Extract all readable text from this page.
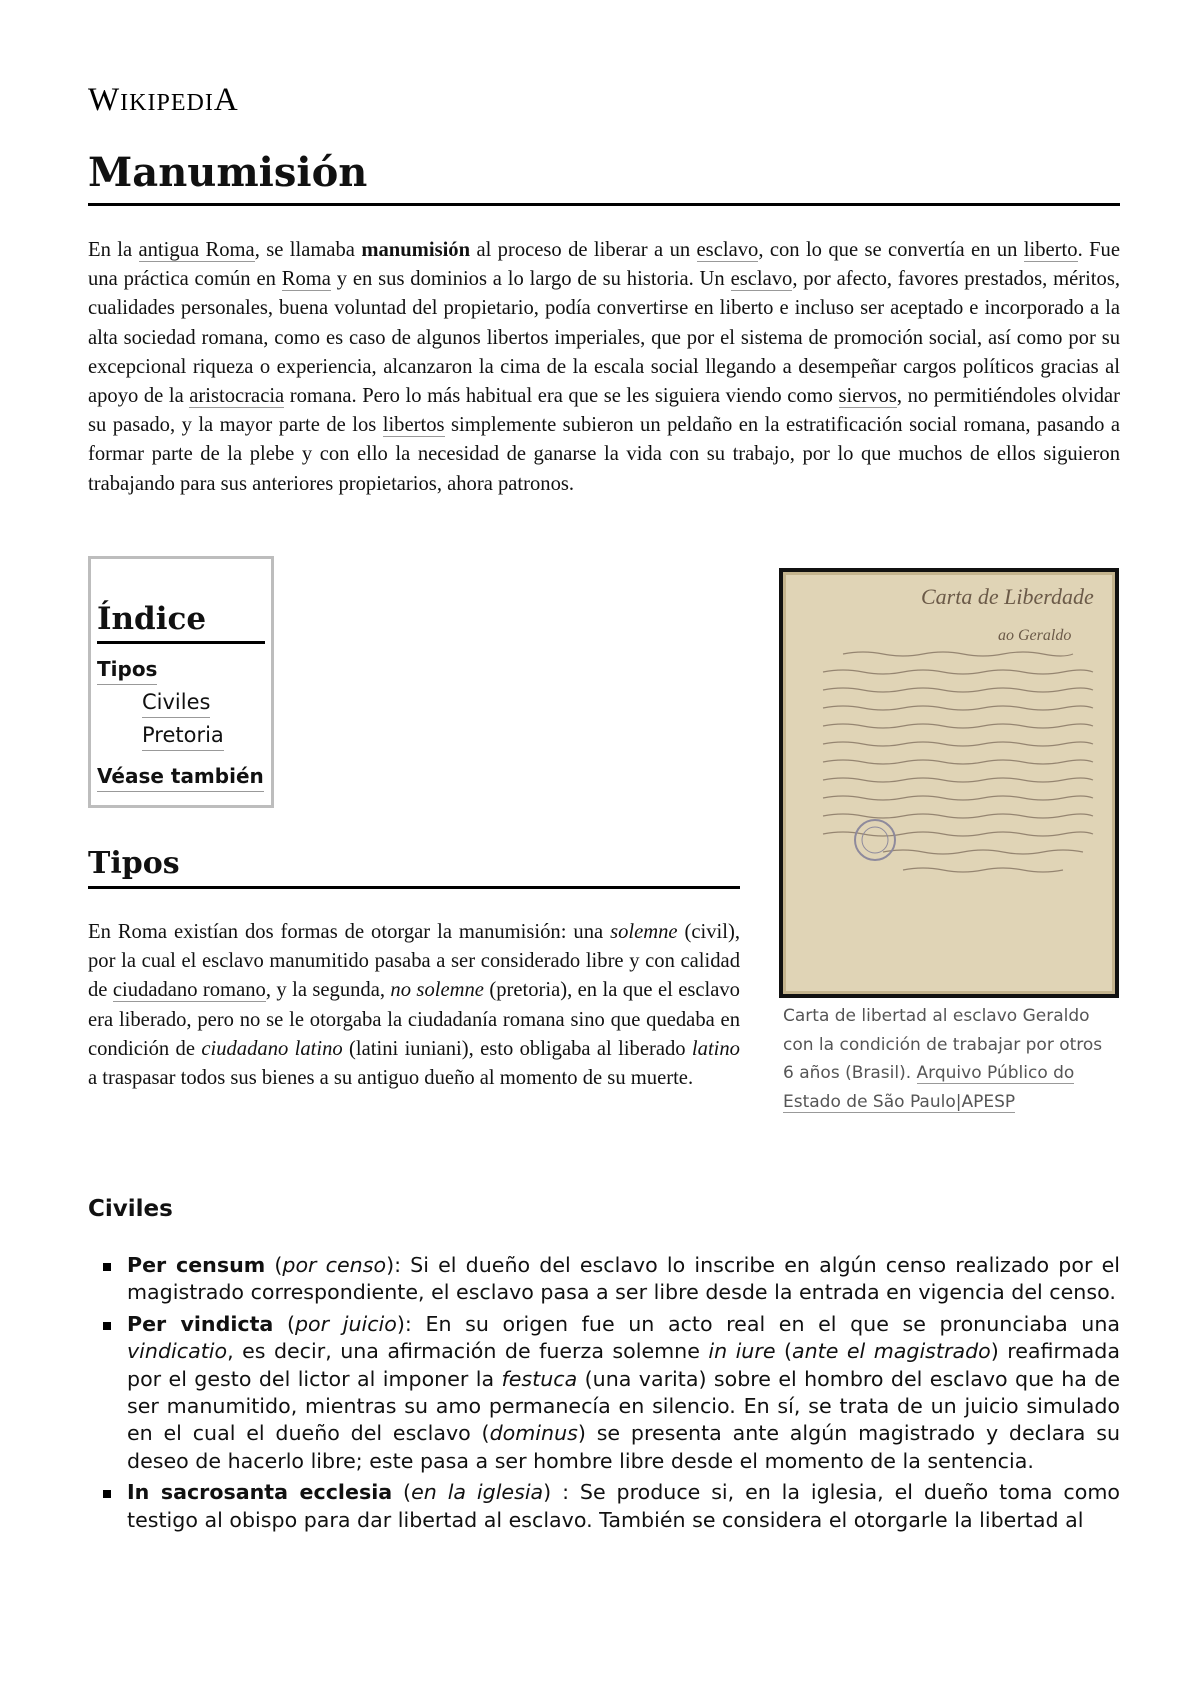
WIKIPEDIA
Manumisión

En la antigua Roma, se llamaba manumisión al proceso de liberar a un esclavo, con lo que se convertía en un liberto. Fue una práctica común en Roma y en sus dominios a lo largo de su historia. Un esclavo, por afecto, favores prestados, méritos, cualidades personales, buena voluntad del propietario, podía convertirse en liberto e incluso ser aceptado e incorporado a la alta sociedad romana, como es caso de algunos libertos imperiales, que por el sistema de promoción social, así como por su excepcional riqueza o experiencia, alcanzaron la cima de la escala social llegando a desempeñar cargos políticos gracias al apoyo de la aristocracia romana. Pero lo más habitual era que se les siguiera viendo como siervos, no permitiéndoles olvidar su pasado, y la mayor parte de los libertos simplemente subieron un peldaño en la estratificación social romana, pasando a formar parte de la plebe y con ello la necesidad de ganarse la vida con su trabajo, por lo que muchos de ellos siguieron trabajando para sus anteriores propietarios, ahora patronos.

Índice
Tipos
Civiles
Pretoria
Véase también
Tipos

En Roma existían dos formas de otorgar la manumisión: una solemne (civil), por la cual el esclavo manumitido pasaba a ser considerado libre y con calidad de ciudadano romano, y la segunda, no solemne (pretoria), en la que el esclavo era liberado, pero no se le otorgaba la ciudadanía romana sino que quedaba en condición de ciudadano latino (latini iuniani), esto obligaba al liberado latino a traspasar todos sus bienes a su antiguo dueño al momento de su muerte.

Carta de Liberdade
ao Geraldo
Carta de libertad al esclavo Geraldo con la condición de trabajar por otros 6 años (Brasil). Arquivo Público do Estado de São Paulo|APESP
Civiles
Per censum (por censo): Si el dueño del esclavo lo inscribe en algún censo realizado por el magistrado correspondiente, el esclavo pasa a ser libre desde la entrada en vigencia del censo.
Per vindicta (por juicio): En su origen fue un acto real en el que se pronunciaba una vindicatio, es decir, una afirmación de fuerza solemne in iure (ante el magistrado) reafirmada por el gesto del lictor al imponer la festuca (una varita) sobre el hombro del esclavo que ha de ser manumitido, mientras su amo permanecía en silencio. En sí, se trata de un juicio simulado en el cual el dueño del esclavo (dominus) se presenta ante algún magistrado y declara su deseo de hacerlo libre; este pasa a ser hombre libre desde el momento de la sentencia.
In sacrosanta ecclesia (en la iglesia) : Se produce si, en la iglesia, el dueño toma como testigo al obispo para dar libertad al esclavo. También se considera el otorgarle la libertad al
